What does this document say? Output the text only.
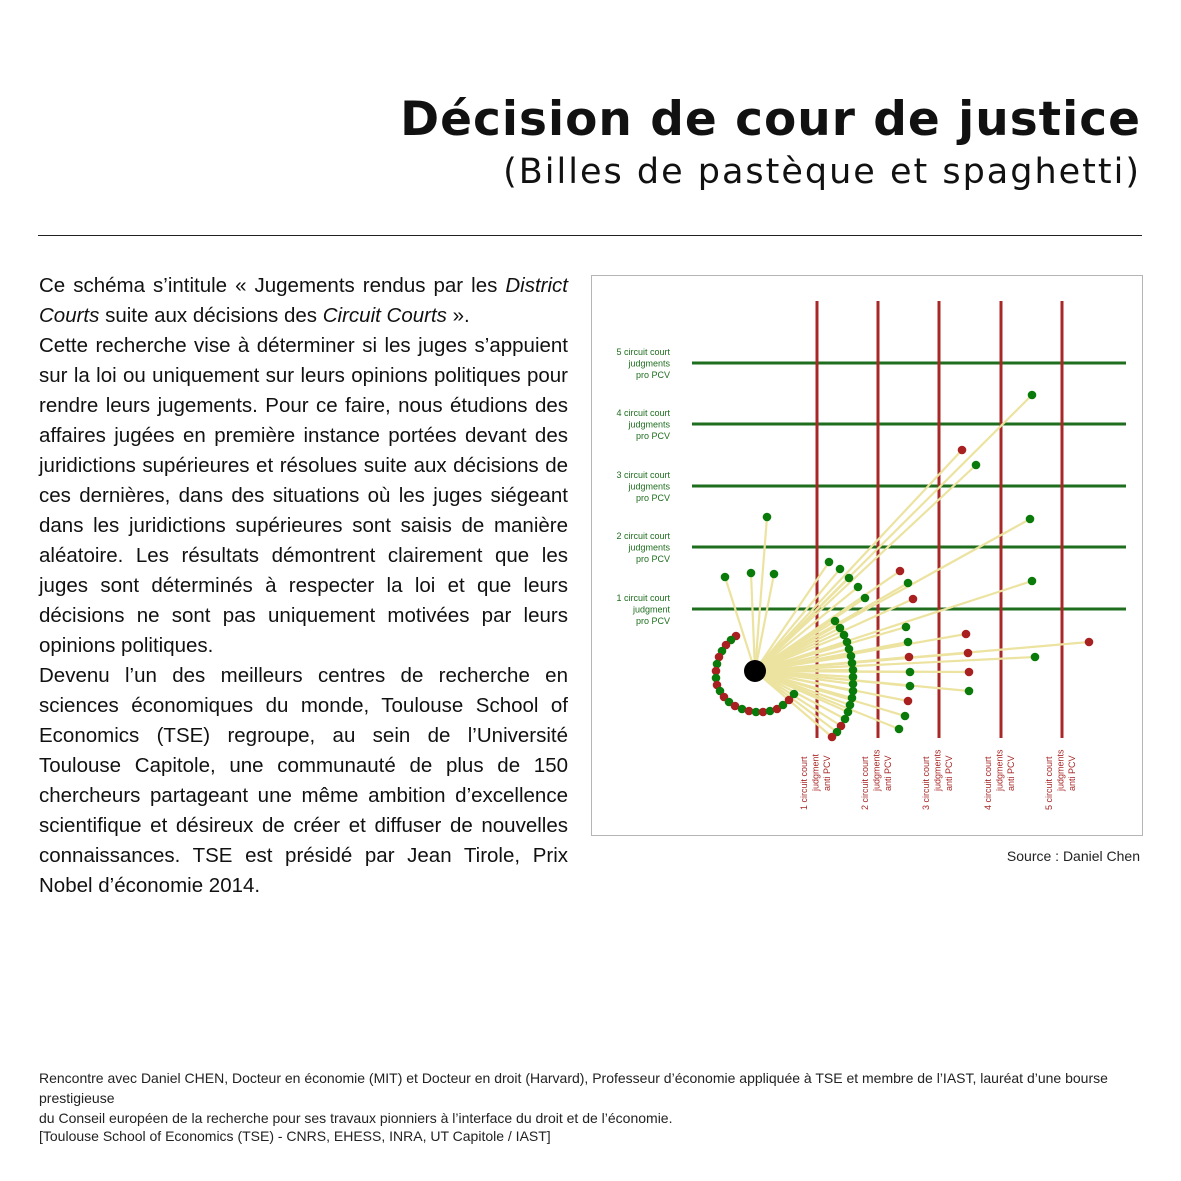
Décision de cour de justice
(Billes de pastèque et spaghetti)

Ce schéma s’intitule « Jugements rendus par les District Courts suite aux décisions des Circuit Courts ».

Cette recherche vise à déterminer si les juges s’appuient sur la loi ou uniquement sur leurs opinions politiques pour rendre leurs jugements. Pour ce faire, nous étudions des affaires jugées en première instance portées devant des juridictions supérieures et résolues suite aux décisions de ces dernières, dans des situations où les juges siégeant dans les juridictions supérieures sont saisis de manière aléatoire. Les résultats démontrent clairement que les juges sont déterminés à respecter la loi et que leurs décisions ne sont pas uniquement motivées par leurs opinions politiques.

Devenu l’un des meilleurs centres de recherche en sciences économiques du monde, Toulouse School of Economics (TSE) regroupe, au sein de l’Université Toulouse Capitole, une communauté de plus de 150 chercheurs partageant une même ambition d’excellence scientifique et désireux de créer et diffuser de nouvelles connaissances. TSE est présidé par Jean Tirole, Prix Nobel d’économie 2014.

5 circuit court judgments pro PCV
4 circuit court judgments pro PCV
3 circuit court judgments pro PCV
2 circuit court judgments pro PCV
1 circuit court judgment pro PCV
1 circuit court judgment anti PCV	2 circuit court judgments anti PCV	3 circuit court judgments anti PCV	4 circuit court judgments anti PCV	5 circuit court judgments anti PCV
Source : Daniel Chen

Rencontre avec Daniel CHEN, Docteur en économie (MIT) et Docteur en droit (Harvard), Professeur d’économie appliquée à TSE et membre de l’IAST, lauréat d’une bourse prestigieuse

du Conseil européen de la recherche pour ses travaux pionniers à l’interface du droit et de l’économie.

[Toulouse School of Economics (TSE) - CNRS, EHESS, INRA, UT Capitole / IAST]
